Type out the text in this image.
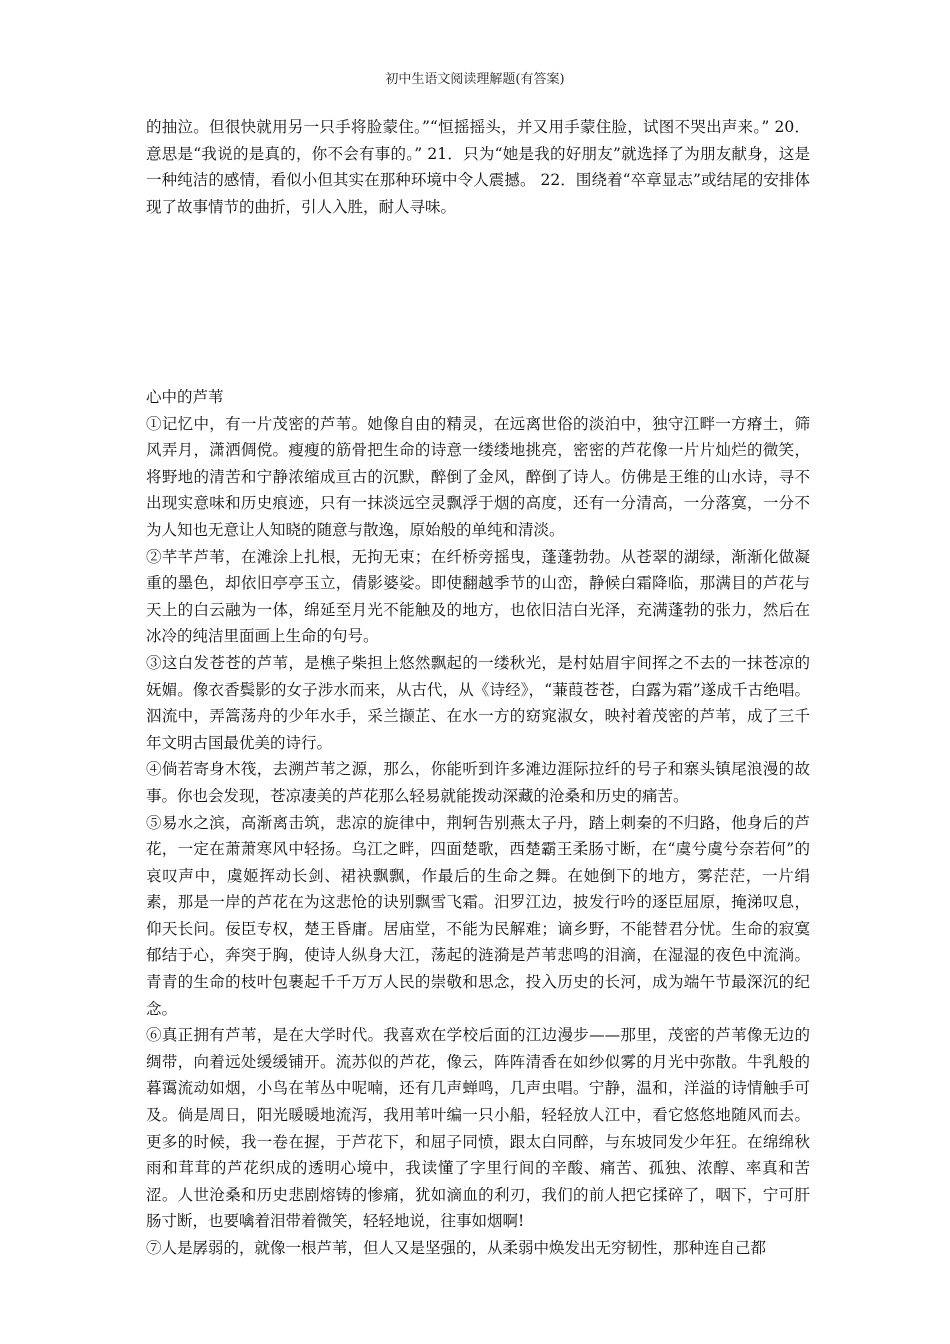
初中生语文阅读理解题(有答案)

的抽泣。但很快就用另一只手将脸蒙住。”“恒摇摇头，并又用手蒙住脸，试图不哭出声来。” 20．意思是“我说的是真的，你不会有事的。” 21．只为“她是我的好朋友”就选择了为朋友献身，这是一种纯洁的感情，看似小但其实在那种环境中令人震撼。 22．围绕着“卒章显志”或结尾的安排体现了故事情节的曲折，引人入胜，耐人寻味。

心中的芦苇

①记忆中，有一片茂密的芦苇。她像自由的精灵，在远离世俗的淡泊中，独守江畔一方瘠土，筛风弄月，潇洒倜傥。瘦瘦的筋骨把生命的诗意一缕缕地挑亮，密密的芦花像一片片灿烂的微笑，将野地的清苦和宁静浓缩成亘古的沉默，醉倒了金风，醉倒了诗人。仿佛是王维的山水诗，寻不出现实意味和历史痕迹，只有一抹淡远空灵飘浮于烟的高度，还有一分清高，一分落寞，一分不为人知也无意让人知晓的随意与散逸，原始般的单纯和清淡。

②芊芊芦苇，在滩涂上扎根，无拘无束；在纤桥旁摇曳，蓬蓬勃勃。从苍翠的湖绿，渐渐化做凝重的墨色，却依旧亭亭玉立，倩影婆娑。即使翻越季节的山峦，静候白霜降临，那满目的芦花与天上的白云融为一体，绵延至月光不能触及的地方，也依旧洁白光泽，充满蓬勃的张力，然后在冰冷的纯洁里面画上生命的句号。

③这白发苍苍的芦苇，是樵子柴担上悠然飘起的一缕秋光，是村姑眉宇间挥之不去的一抹苍凉的妩媚。像衣香鬓影的女子涉水而来，从古代，从《诗经》，“蒹葭苍苍，白露为霜”遂成千古绝唱。泅流中，弄篙荡舟的少年水手，采兰撷芷、在水一方的窈窕淑女，映衬着茂密的芦苇，成了三千年文明古国最优美的诗行。

④倘若寄身木筏，去溯芦苇之源，那么，你能听到许多滩边涯际拉纤的号子和寨头镇尾浪漫的故事。你也会发现，苍凉凄美的芦花那么轻易就能拨动深藏的沧桑和历史的痛苦。

⑤易水之滨，高渐离击筑，悲凉的旋律中，荆轲告别燕太子丹，踏上刺秦的不归路，他身后的芦花，一定在萧萧寒风中轻扬。乌江之畔，四面楚歌，西楚霸王柔肠寸断，在“虞兮虞兮奈若何”的哀叹声中，虞姬挥动长剑、裙袂飘飘，作最后的生命之舞。在她倒下的地方，雾茫茫，一片绢素，那是一岸的芦花在为这悲怆的诀别飘雪飞霜。汨罗江边，披发行吟的逐臣屈原，掩涕叹息，仰天长问。佞臣专权，楚王昏庸。居庙堂，不能为民解难；谪乡野，不能替君分忧。生命的寂寞郁结于心，奔突于胸，使诗人纵身大江，荡起的涟漪是芦苇悲鸣的泪滴，在湿湿的夜色中流淌。青青的生命的枝叶包裹起千千万万人民的崇敬和思念，投入历史的长河，成为端午节最深沉的纪念。

⑥真正拥有芦苇，是在大学时代。我喜欢在学校后面的江边漫步——那里，茂密的芦苇像无边的绸带，向着远处缓缓铺开。流苏似的芦花，像云，阵阵清香在如纱似雾的月光中弥散。牛乳般的暮霭流动如烟，小鸟在苇丛中呢喃，还有几声蝉鸣，几声虫唱。宁静，温和，洋溢的诗情触手可及。倘是周日，阳光暖暖地流泻，我用苇叶编一只小船，轻轻放人江中，看它悠悠地随风而去。更多的时候，我一卷在握，于芦花下，和屈子同愤，跟太白同醉，与东坡同发少年狂。在绵绵秋雨和茸茸的芦花织成的透明心境中，我读懂了字里行间的辛酸、痛苦、孤独、浓醇、率真和苦涩。人世沧桑和历史悲剧熔铸的惨痛，犹如滴血的利刃，我们的前人把它揉碎了，咽下，宁可肝肠寸断，也要噙着泪带着微笑，轻轻地说，往事如烟啊!

⑦人是孱弱的，就像一根芦苇，但人又是坚强的，从柔弱中焕发出无穷韧性，那种连自己都
